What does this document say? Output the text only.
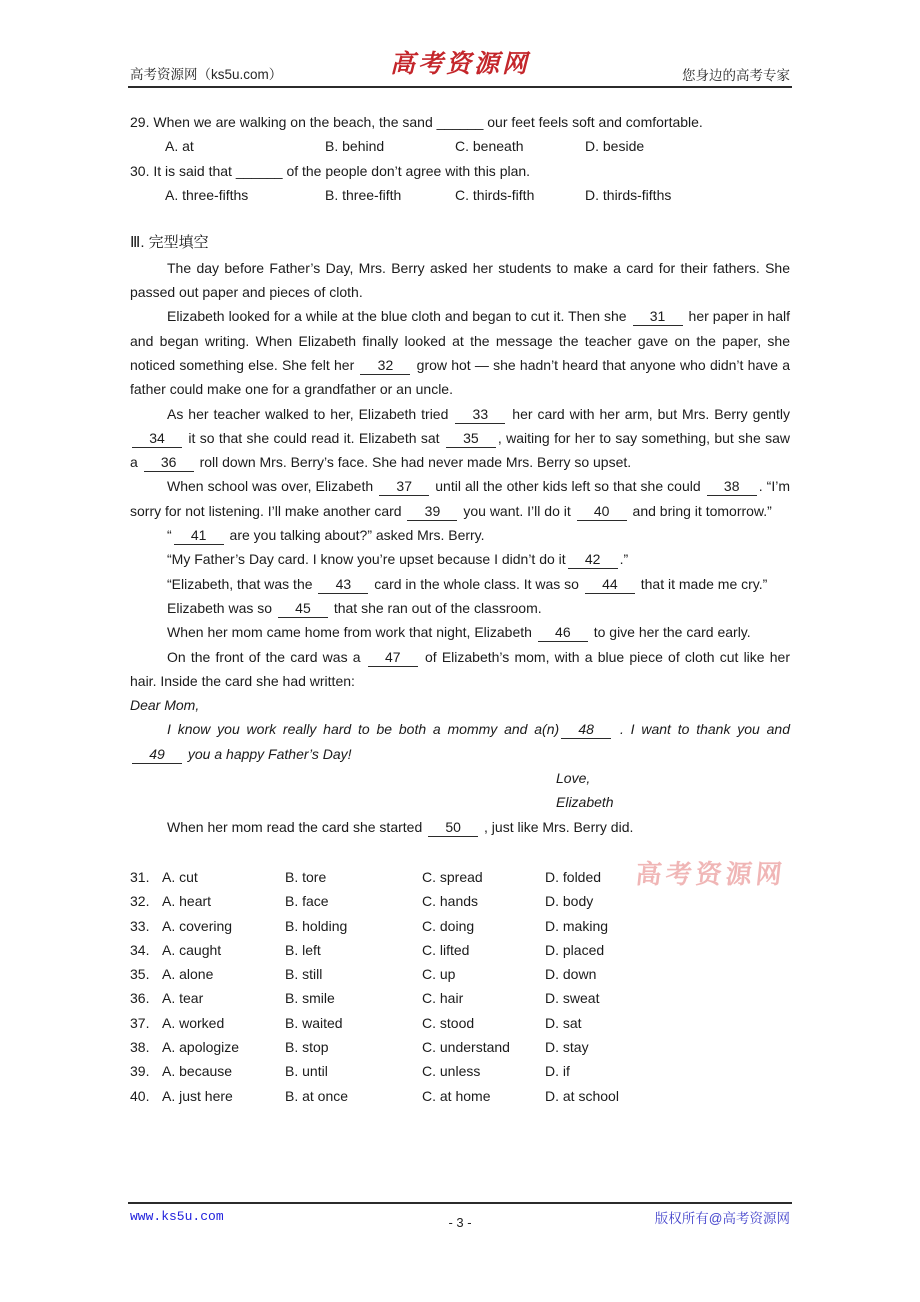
高考资源网（ks5u.com）	高考资源网	您身边的高考专家
29. When we are walking on the beach, the sand ______ our feet feels soft and comfortable.
A. at	B. behind	C. beneath	D. beside
30. It is said that ______ of the people don’t agree with this plan.
A. three-fifths	B. three-fifth	C. thirds-fifth	D. thirds-fifths
Ⅲ. 完型填空

The day before Father’s Day, Mrs. Berry asked her students to make a card for their fathers. She passed out paper and pieces of cloth.

Elizabeth looked for a while at the blue cloth and began to cut it. Then she 31 her paper in half and began writing. When Elizabeth finally looked at the message the teacher gave on the paper, she noticed something else. She felt her 32 grow hot — she hadn’t heard that anyone who didn’t have a father could make one for a grandfather or an uncle.

As her teacher walked to her, Elizabeth tried 33 her card with her arm, but Mrs. Berry gently 34 it so that she could read it. Elizabeth sat 35 , waiting for her to say something, but she saw a 36 roll down Mrs. Berry’s face. She had never made Mrs. Berry so upset.

When school was over, Elizabeth 37 until all the other kids left so that she could 38 . “I’m sorry for not listening. I’ll make another card 39 you want. I’ll do it 40 and bring it tomorrow.”

“ 41 are you talking about?” asked Mrs. Berry.

“My Father’s Day card. I know you’re upset because I didn’t do it 42 .”

“Elizabeth, that was the 43 card in the whole class. It was so 44 that it made me cry.”

Elizabeth was so 45 that she ran out of the classroom.

When her mom came home from work that night, Elizabeth 46 to give her the card early.

On the front of the card was a 47 of Elizabeth’s mom, with a blue piece of cloth cut like her hair. Inside the card she had written:

Dear Mom,

I know you work really hard to be both a mommy and a(n) 48 . I want to thank you and 49 you a happy Father’s Day!

Love,

Elizabeth

When her mom read the card she started 50 , just like Mrs. Berry did.

31. A. cut	B. tore	C. spread	D. folded
32. A. heart	B. face	C. hands	D. body
33. A. covering	B. holding	C. doing	D. making
34. A. caught	B. left	C. lifted	D. placed
35. A. alone	B. still	C. up	D. down
36. A. tear	B. smile	C. hair	D. sweat
37. A. worked	B. waited	C. stood	D. sat
38. A. apologize	B. stop	C. understand	D. stay
39. A. because	B. until	C. unless	D. if
40. A. just here	B. at once	C. at home	D. at school
高考资源网
www.ks5u.com	- 3 -	版权所有@高考资源网
